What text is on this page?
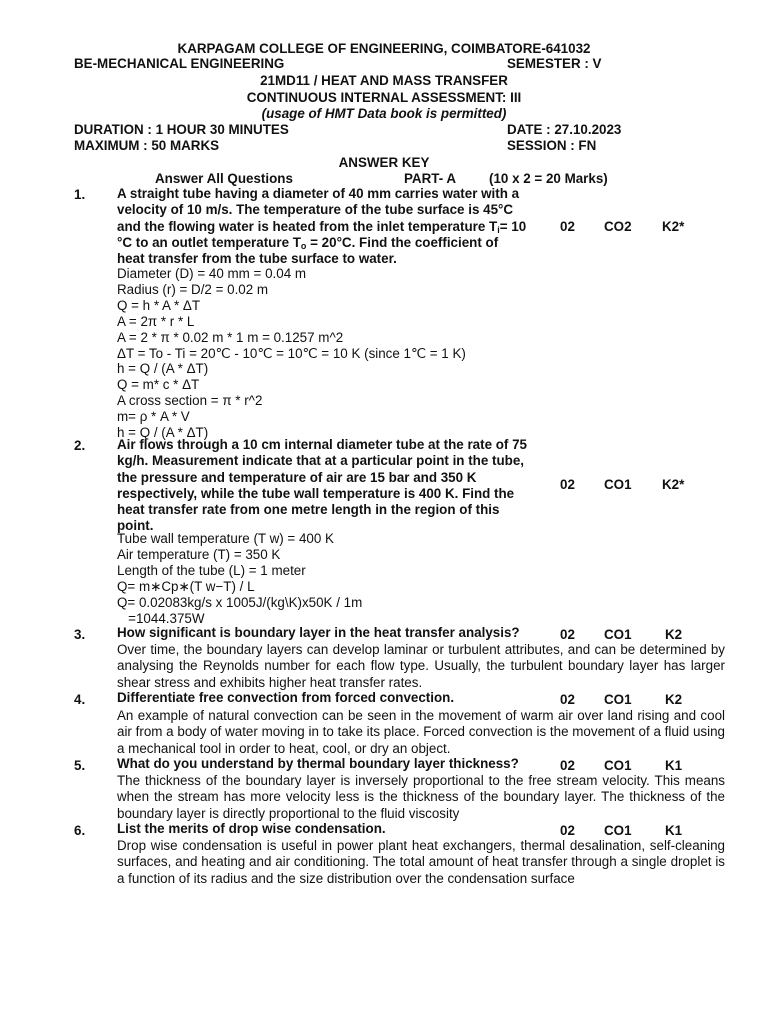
KARPAGAM COLLEGE OF ENGINEERING, COIMBATORE-641032
BE-MECHANICAL ENGINEERING	SEMESTER : V
21MD11 / HEAT AND MASS TRANSFER
CONTINUOUS INTERNAL ASSESSMENT: III
(usage of HMT Data book is permitted)
DURATION : 1 HOUR 30 MINUTES	DATE : 27.10.2023
MAXIMUM : 50 MARKS	SESSION : FN
ANSWER KEY
Answer All Questions	PART- A (10 x 2 = 20 Marks)
1. A straight tube having a diameter of 40 mm carries water with a
velocity of 10 m/s. The temperature of the tube surface is 45°C
and the flowing water is heated from the inlet temperature $T_i= 10$
°C to an outlet temperature $T_o = 20^\circ C$. Find the coefficient of
heat transfer from the tube surface to water.
02 CO2 K2*
Diameter (D) = 40 mm = 0.04 m
Radius (r) = D/2 = 0.02 m
Q = h * A * ΔT
A = 2π * r * L
A = 2 * π * 0.02 m * 1 m = 0.1257 m^2
ΔT = To - Ti = 20℃ - 10℃ = 10℃ = 10 K (since 1℃ = 1 K)
h = Q / (A * ΔT)
Q = m* c * ΔT
A cross section = π * r^2
m= ρ * A * V
h = Q / (A * ΔT)
2. Air flows through a 10 cm internal diameter tube at the rate of 75
kg/h. Measurement indicate that at a particular point in the tube,
the pressure and temperature of air are 15 bar and 350 K
respectively, while the tube wall temperature is 400 K. Find the
heat transfer rate from one metre length in the region of this
point.
02 CO1 K2*
Tube wall temperature (T w) = 400 K
Air temperature (T) = 350 K
Length of the tube (L) = 1 meter
Q= m∗Cp∗(T w−T) / L
Q= 0.02083kg/s x 1005J/(kg\K)x50K / 1m
=1044.375W
3. How significant is boundary layer in the heat transfer analysis?	02 CO1 K2
Over time, the boundary layers can develop laminar or turbulent attributes, and can be determined by analysing the Reynolds number for each flow type. Usually, the turbulent boundary layer has larger shear stress and exhibits higher heat transfer rates.
4. Differentiate free convection from forced convection.	02 CO1 K2
An example of natural convection can be seen in the movement of warm air over land rising and cool air from a body of water moving in to take its place. Forced convection is the movement of a fluid using a mechanical tool in order to heat, cool, or dry an object.
5. What do you understand by thermal boundary layer thickness?	02 CO1 K1
The thickness of the boundary layer is inversely proportional to the free stream velocity. This means when the stream has more velocity less is the thickness of the boundary layer. The thickness of the boundary layer is directly proportional to the fluid viscosity
6. List the merits of drop wise condensation.	02 CO1 K1
Drop wise condensation is useful in power plant heat exchangers, thermal desalination, self-cleaning surfaces, and heating and air conditioning. The total amount of heat transfer through a single droplet is a function of its radius and the size distribution over the condensation surface
